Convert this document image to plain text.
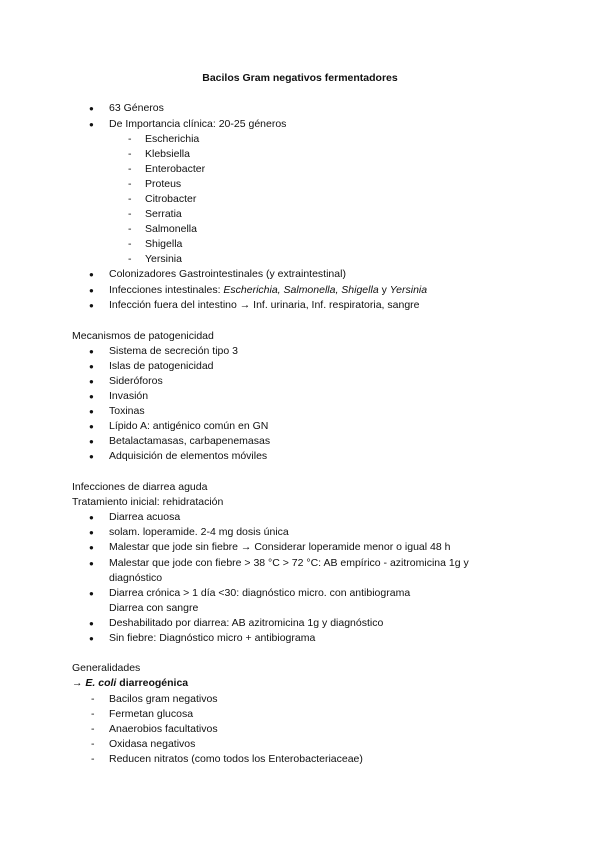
Bacilos Gram negativos fermentadores
● 63 Géneros
● De Importancia clínica: 20-25 géneros
- Escherichia
- Klebsiella
- Enterobacter
- Proteus
- Citrobacter
- Serratia
- Salmonella
- Shigella
- Yersinia
● Colonizadores Gastrointestinales (y extraintestinal)
● Infecciones intestinales: Escherichia, Salmonella, Shigella y Yersinia
● Infección fuera del intestino → Inf. urinaria, Inf. respiratoria, sangre
Mecanismos de patogenicidad
● Sistema de secreción tipo 3
● Islas de patogenicidad
● Sideróforos
● Invasión
● Toxinas
● Lípido A: antigénico común en GN
● Betalactamasas, carbapenemasas
● Adquisición de elementos móviles
Infecciones de diarrea aguda
Tratamiento inicial: rehidratación
● Diarrea acuosa
● solam. loperamide. 2-4 mg dosis única
● Malestar que jode sin fiebre → Considerar loperamide menor o igual 48 h
● Malestar que jode con fiebre > 38 °C > 72 °C: AB empírico - azitromicina 1g y
diagnóstico
● Diarrea crónica > 1 día <30: diagnóstico micro. con antibiograma
Diarrea con sangre
● Deshabilitado por diarrea: AB azitromicina 1g y diagnóstico
● Sin fiebre: Diagnóstico micro + antibiograma
Generalidades
→ E. coli diarreogénica
- Bacilos gram negativos
- Fermetan glucosa
- Anaerobios facultativos
- Oxidasa negativos
- Reducen nitratos (como todos los Enterobacteriaceae)
